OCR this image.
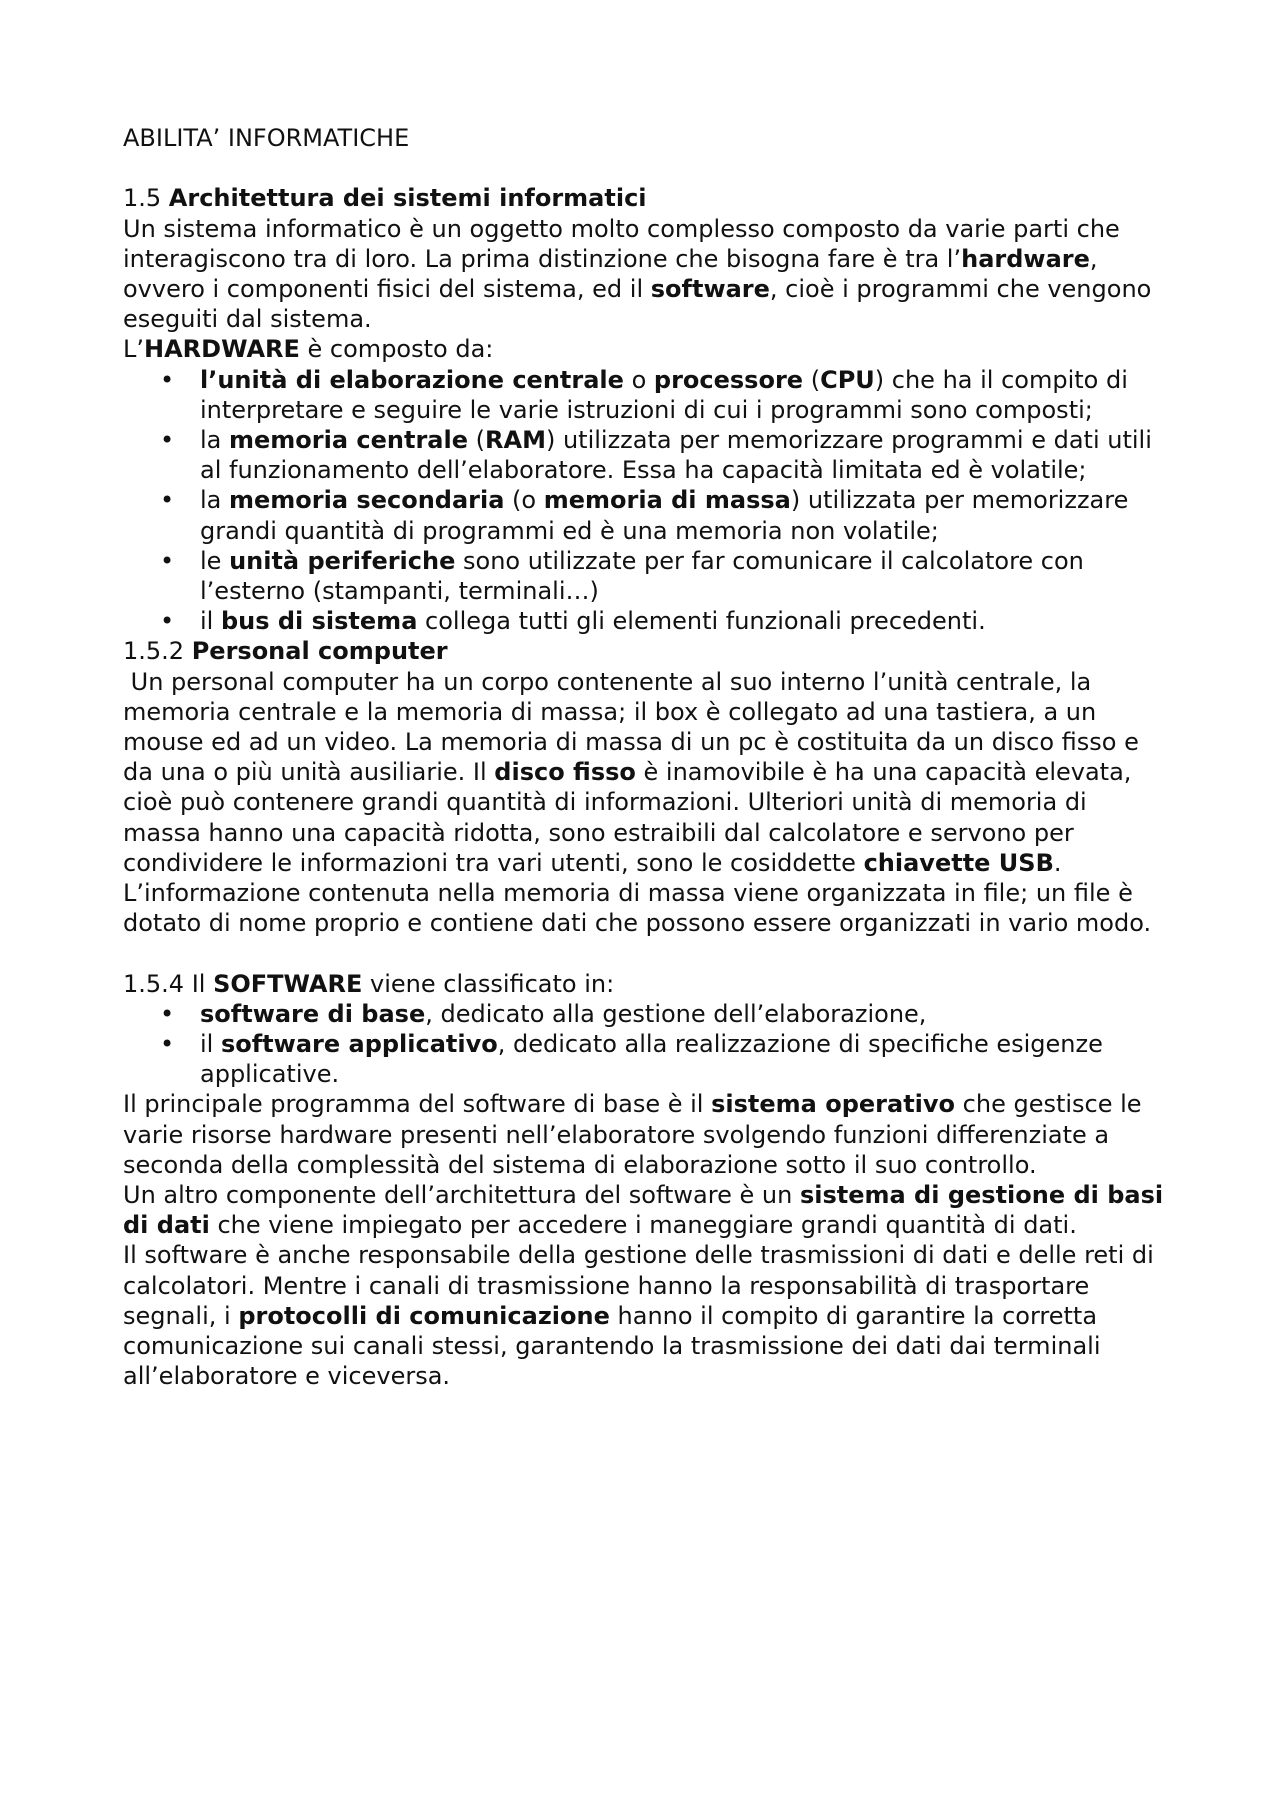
ABILITA’ INFORMATICHE

1.5 Architettura dei sistemi informatici

Un sistema informatico è un oggetto molto complesso composto da varie parti che interagiscono tra di loro. La prima distinzione che bisogna fare è tra l’hardware, ovvero i componenti fisici del sistema, ed il software, cioè i programmi che vengono eseguiti dal sistema.

L’HARDWARE è composto da:

• l’unità di elaborazione centrale o processore (CPU) che ha il compito di interpretare e seguire le varie istruzioni di cui i programmi sono composti;
• la memoria centrale (RAM) utilizzata per memorizzare programmi e dati utili al funzionamento dell’elaboratore. Essa ha capacità limitata ed è volatile;
• la memoria secondaria (o memoria di massa) utilizzata per memorizzare grandi quantità di programmi ed è una memoria non volatile;
• le unità periferiche sono utilizzate per far comunicare il calcolatore con l’esterno (stampanti, terminali…)
• il bus di sistema collega tutti gli elementi funzionali precedenti.

1.5.2 Personal computer

Un personal computer ha un corpo contenente al suo interno l’unità centrale, la memoria centrale e la memoria di massa; il box è collegato ad una tastiera, a un mouse ed ad un video. La memoria di massa di un pc è costituita da un disco fisso e da una o più unità ausiliarie. Il disco fisso è inamovibile è ha una capacità elevata, cioè può contenere grandi quantità di informazioni. Ulteriori unità di memoria di massa hanno una capacità ridotta, sono estraibili dal calcolatore e servono per condividere le informazioni tra vari utenti, sono le cosiddette chiavette USB.

L’informazione contenuta nella memoria di massa viene organizzata in file; un file è dotato di nome proprio e contiene dati che possono essere organizzati in vario modo.

1.5.4 Il SOFTWARE viene classificato in:

• software di base, dedicato alla gestione dell’elaborazione,
• il software applicativo, dedicato alla realizzazione di specifiche esigenze applicative.

Il principale programma del software di base è il sistema operativo che gestisce le varie risorse hardware presenti nell’elaboratore svolgendo funzioni differenziate a seconda della complessità del sistema di elaborazione sotto il suo controllo.

Un altro componente dell’architettura del software è un sistema di gestione di basi di dati che viene impiegato per accedere i maneggiare grandi quantità di dati.

Il software è anche responsabile della gestione delle trasmissioni di dati e delle reti di calcolatori. Mentre i canali di trasmissione hanno la responsabilità di trasportare segnali, i protocolli di comunicazione hanno il compito di garantire la corretta comunicazione sui canali stessi, garantendo la trasmissione dei dati dai terminali all’elaboratore e viceversa.
